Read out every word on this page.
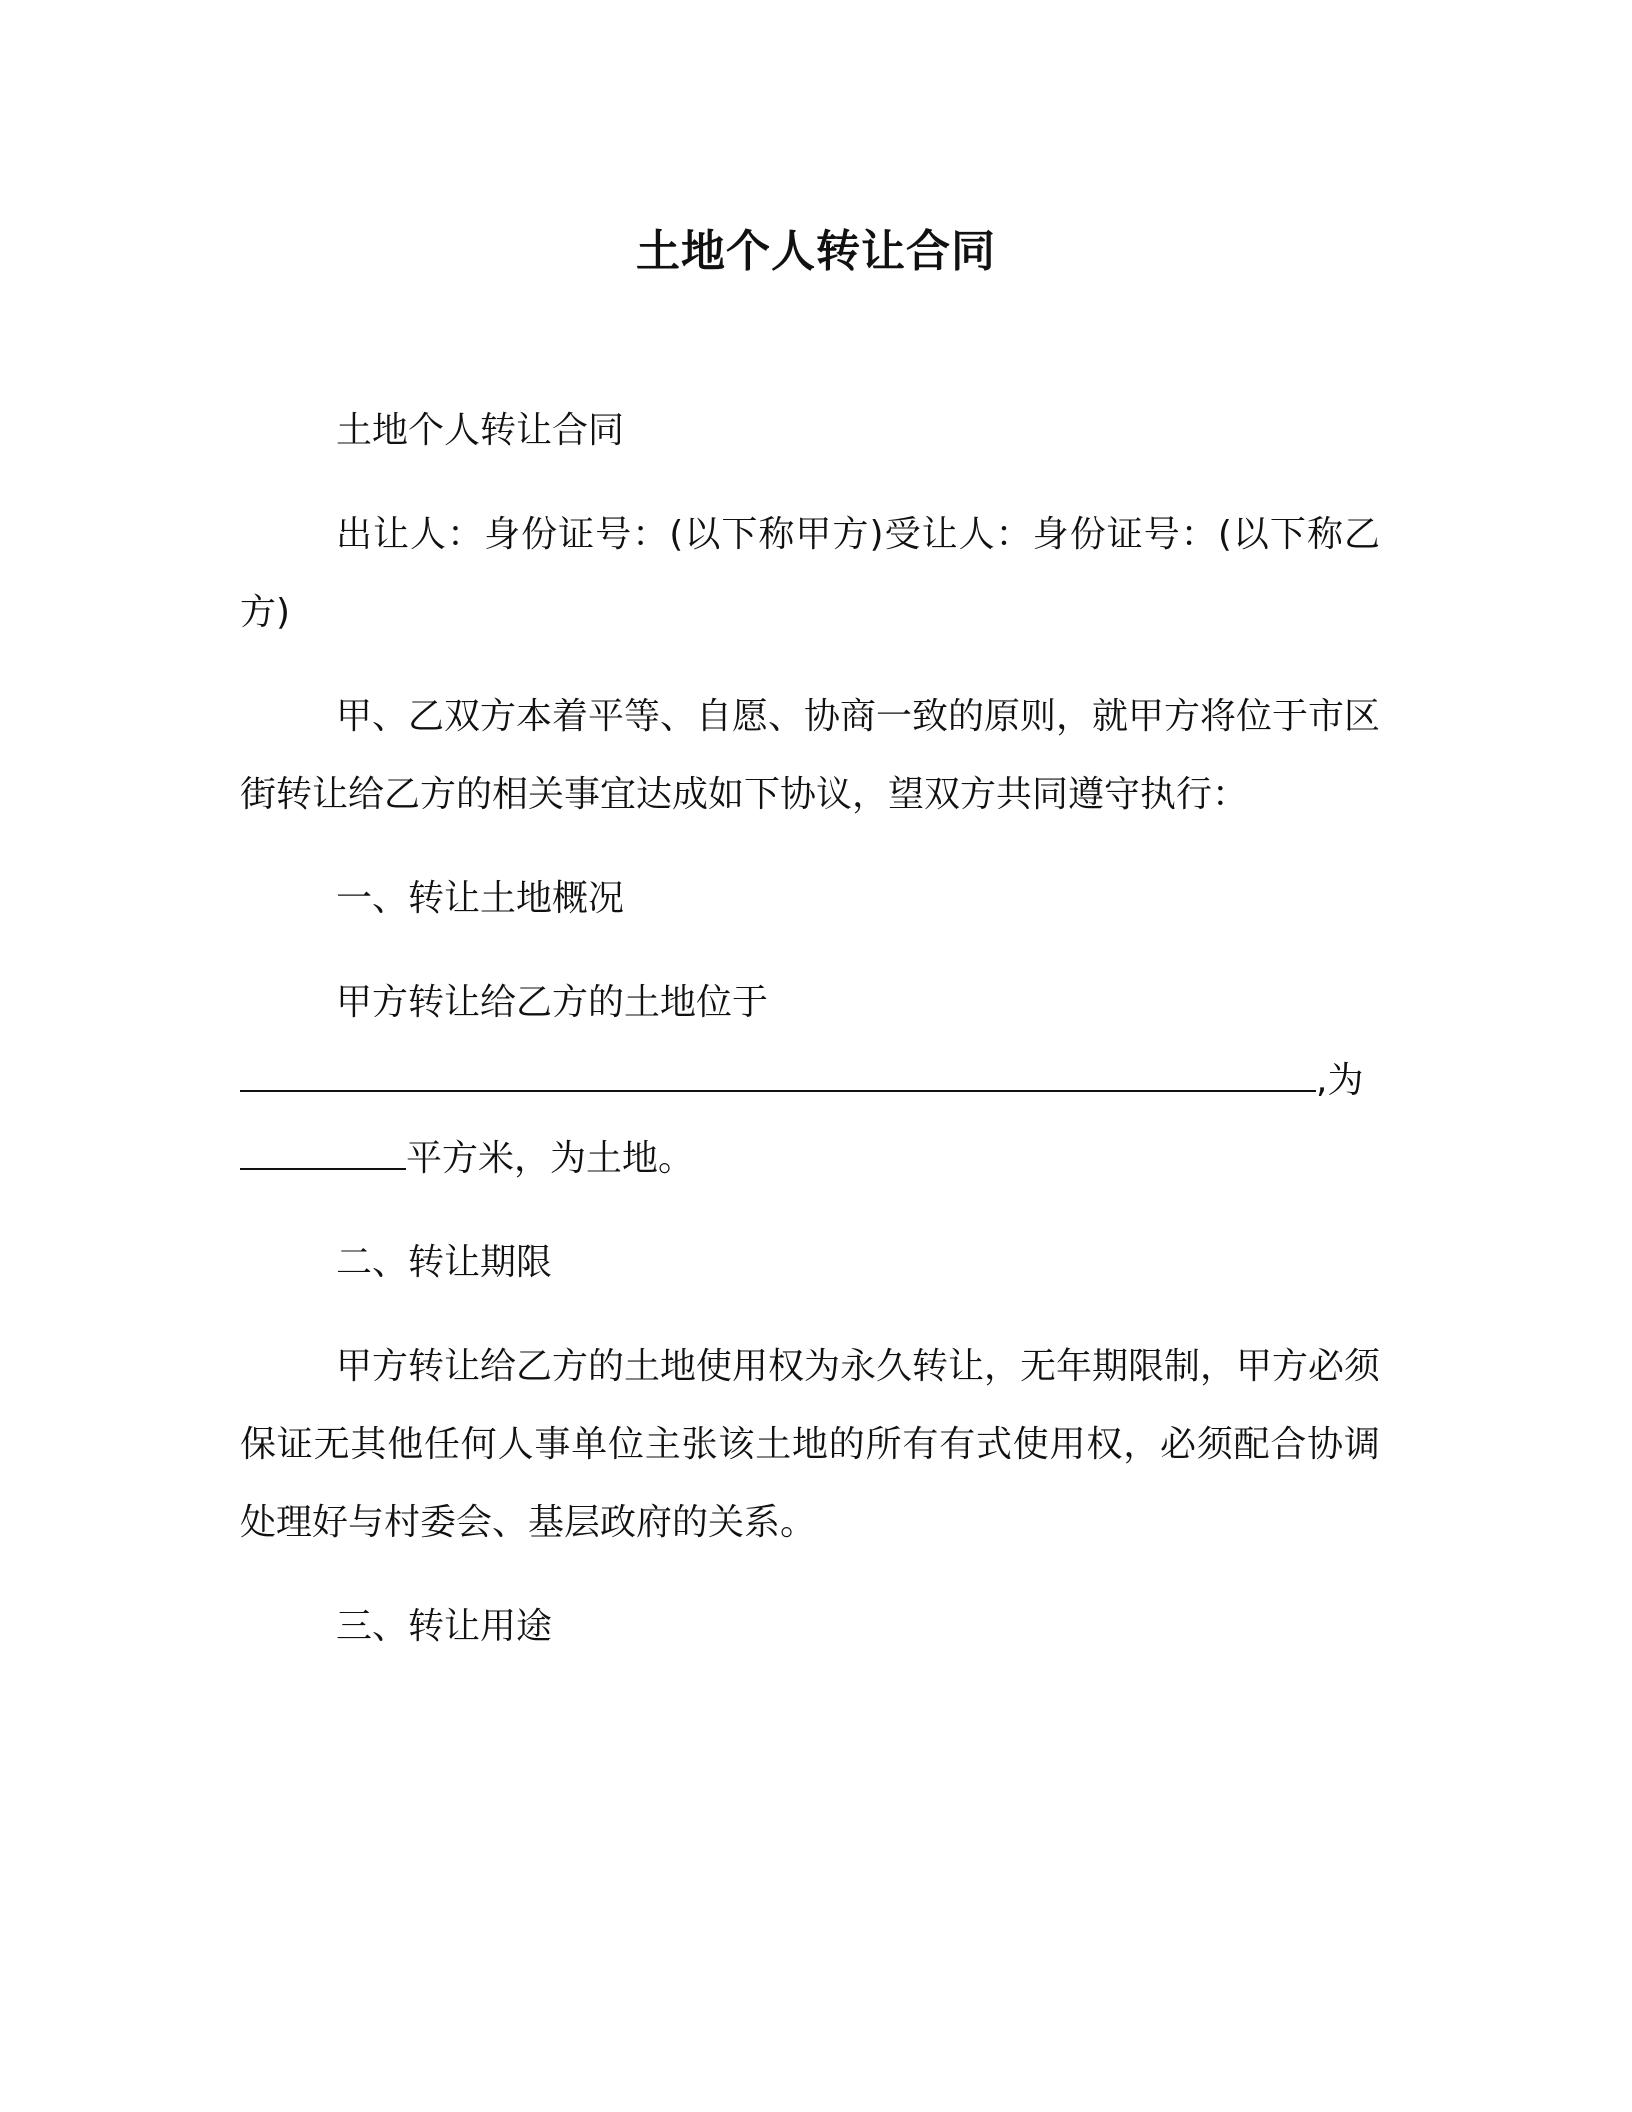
土地个人转让合同

土地个人转让合同

出让人：身份证号：(以下称甲方)受让人：身份证号：(以下称乙方)

甲、乙双方本着平等、自愿、协商一致的原则，就甲方将位于市区街转让给乙方的相关事宜达成如下协议，望双方共同遵守执行：

一、转让土地概况

甲方转让给乙方的土地位于

,为

平方米，为土地。

二、转让期限

甲方转让给乙方的土地使用权为永久转让，无年期限制，甲方必须保证无其他任何人事单位主张该土地的所有有式使用权，必须配合协调处理好与村委会、基层政府的关系。

三、转让用途
